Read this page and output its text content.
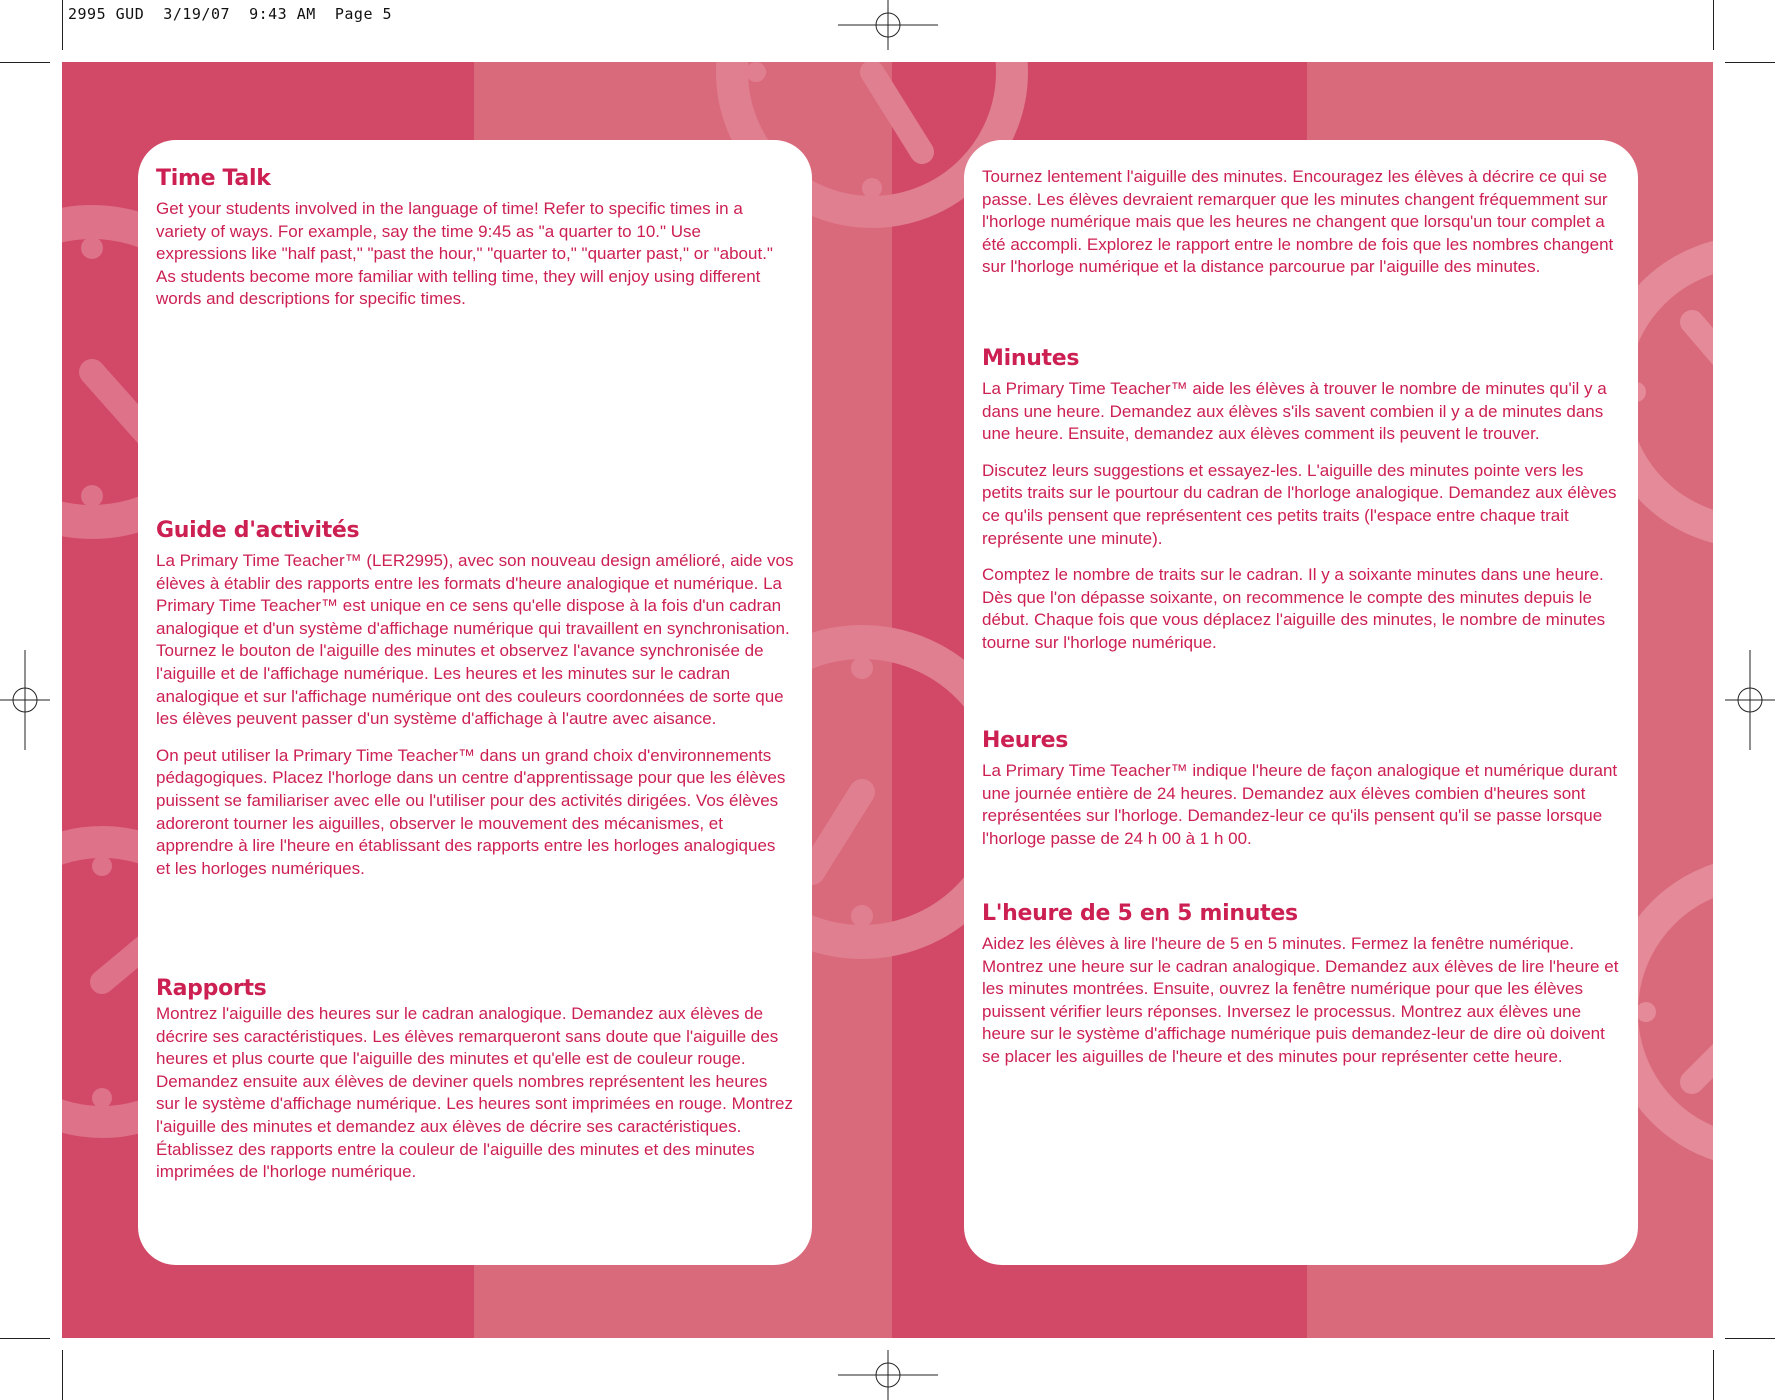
2995 GUD  3/19/07  9:43 AM  Page 5
Time Talk

Get your students involved in the language of time! Refer to specific times in a variety of ways. For example, say the time 9:45 as "a quarter to 10." Use expressions like "half past," "past the hour," "quarter to," "quarter past," or "about." As students become more familiar with telling time, they will enjoy using different words and descriptions for specific times.

Guide d'activités

La Primary Time Teacher™ (LER2995), avec son nouveau design amélioré, aide vos élèves à établir des rapports entre les formats d'heure analogique et numérique. La Primary Time Teacher™ est unique en ce sens qu'elle dispose à la fois d'un cadran analogique et d'un système d'affichage numérique qui travaillent en synchronisation. Tournez le bouton de l'aiguille des minutes et observez l'avance synchronisée de l'aiguille et de l'affichage numérique. Les heures et les minutes sur le cadran analogique et sur l'affichage numérique ont des couleurs coordonnées de sorte que les élèves peuvent passer d'un système d'affichage à l'autre avec aisance.

On peut utiliser la Primary Time Teacher™ dans un grand choix d'environnements pédagogiques. Placez l'horloge dans un centre d'apprentissage pour que les élèves puissent se familiariser avec elle ou l'utiliser pour des activités dirigées. Vos élèves adoreront tourner les aiguilles, observer le mouvement des mécanismes, et apprendre à lire l'heure en établissant des rapports entre les horloges analogiques et les horloges numériques.

Rapports

Montrez l'aiguille des heures sur le cadran analogique. Demandez aux élèves de décrire ses caractéristiques. Les élèves remarqueront sans doute que l'aiguille des heures et plus courte que l'aiguille des minutes et qu'elle est de couleur rouge. Demandez ensuite aux élèves de deviner quels nombres représentent les heures sur le système d'affichage numérique. Les heures sont imprimées en rouge. Montrez l'aiguille des minutes et demandez aux élèves de décrire ses caractéristiques. Établissez des rapports entre la couleur de l'aiguille des minutes et des minutes imprimées de l'horloge numérique.

Tournez lentement l'aiguille des minutes. Encouragez les élèves à décrire ce qui se passe. Les élèves devraient remarquer que les minutes changent fréquemment sur l'horloge numérique mais que les heures ne changent que lorsqu'un tour complet a été accompli. Explorez le rapport entre le nombre de fois que les nombres changent sur l'horloge numérique et la distance parcourue par l'aiguille des minutes.

Minutes

La Primary Time Teacher™ aide les élèves à trouver le nombre de minutes qu'il y a dans une heure. Demandez aux élèves s'ils savent combien il y a de minutes dans une heure. Ensuite, demandez aux élèves comment ils peuvent le trouver.

Discutez leurs suggestions et essayez-les. L'aiguille des minutes pointe vers les petits traits sur le pourtour du cadran de l'horloge analogique. Demandez aux élèves ce qu'ils pensent que représentent ces petits traits (l'espace entre chaque trait représente une minute).

Comptez le nombre de traits sur le cadran. Il y a soixante minutes dans une heure. Dès que l'on dépasse soixante, on recommence le compte des minutes depuis le début. Chaque fois que vous déplacez l'aiguille des minutes, le nombre de minutes tourne sur l'horloge numérique.

Heures

La Primary Time Teacher™ indique l'heure de façon analogique et numérique durant une journée entière de 24 heures. Demandez aux élèves combien d'heures sont représentées sur l'horloge. Demandez-leur ce qu'ils pensent qu'il se passe lorsque l'horloge passe de 24 h 00 à 1 h 00.

L'heure de 5 en 5 minutes

Aidez les élèves à lire l'heure de 5 en 5 minutes. Fermez la fenêtre numérique. Montrez une heure sur le cadran analogique. Demandez aux élèves de lire l'heure et les minutes montrées. Ensuite, ouvrez la fenêtre numérique pour que les élèves puissent vérifier leurs réponses. Inversez le processus. Montrez aux élèves une heure sur le système d'affichage numérique puis demandez-leur de dire où doivent se placer les aiguilles de l'heure et des minutes pour représenter cette heure.
